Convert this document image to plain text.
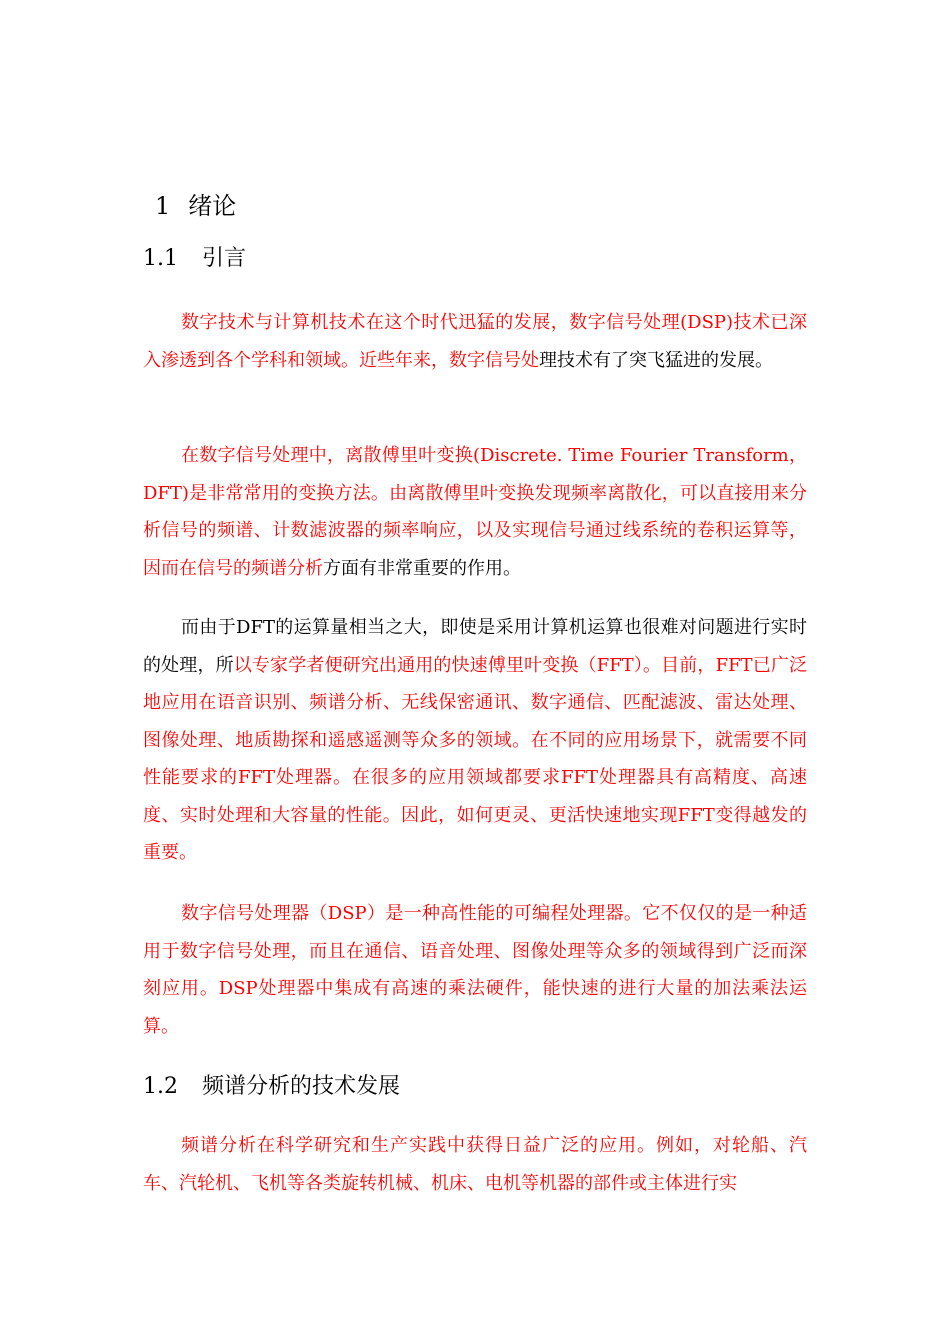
1 绪论
1.1 引言

数字技术与计算机技术在这个时代迅猛的发展，数字信号处理(DSP)技术已深入渗透到各个学科和领域。近些年来，数字信号处理技术有了突飞猛进的发展。

在数字信号处理中，离散傅里叶变换(Discrete. Time Fourier Transform，DFT)是非常常用的变换方法。由离散傅里叶变换发现频率离散化，可以直接用来分析信号的频谱、计数滤波器的频率响应，以及实现信号通过线系统的卷积运算等，因而在信号的频谱分析方面有非常重要的作用。

而由于DFT的运算量相当之大，即使是采用计算机运算也很难对问题进行实时的处理，所以专家学者便研究出通用的快速傅里叶变换（FFT）。目前，FFT已广泛地应用在语音识别、频谱分析、无线保密通讯、数字通信、匹配滤波、雷达处理、图像处理、地质勘探和遥感遥测等众多的领域。在不同的应用场景下，就需要不同性能要求的FFT处理器。在很多的应用领域都要求FFT处理器具有高精度、高速度、实时处理和大容量的性能。因此，如何更灵、更活快速地实现FFT变得越发的重要。

数字信号处理器（DSP）是一种高性能的可编程处理器。它不仅仅的是一种适用于数字信号处理，而且在通信、语音处理、图像处理等众多的领域得到广泛而深刻应用。DSP处理器中集成有高速的乘法硬件，能快速的进行大量的加法乘法运算。

1.2 频谱分析的技术发展

频谱分析在科学研究和生产实践中获得日益广泛的应用。例如，对轮船、汽车、汽轮机、飞机等各类旋转机械、机床、电机等机器的部件或主体进行实
